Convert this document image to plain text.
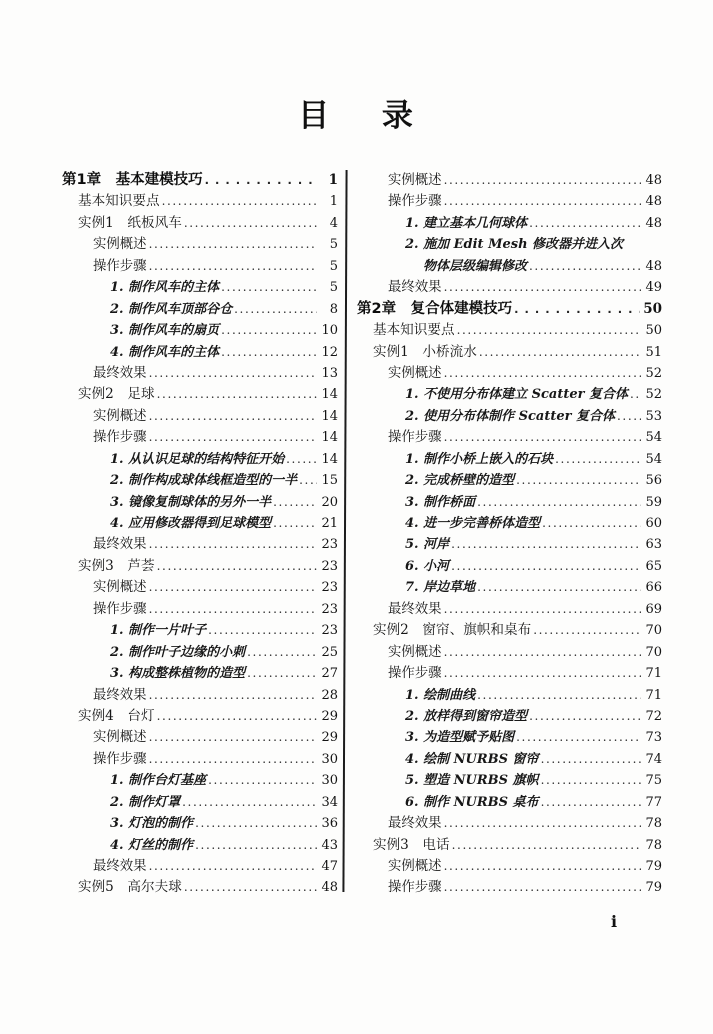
目 录
第1章　基本建模技巧 .....	1
基本知识要点 .....	1
实例1　纸板风车 .....	4
实例概述 .....	5
操作步骤 .....	5
1. 制作风车的主体 .....	5
2. 制作风车顶部谷仓 .....	8
3. 制作风车的扇页 .....	10
4. 制作风车的主体 .....	12
最终效果 .....	13
实例2　足球 .....	14
实例概述 .....	14
操作步骤 .....	14
1. 从认识足球的结构特征开始 .....	14
2. 制作构成球体线框造型的一半 ..... 15
3. 镜像复制球体的另外一半 .....	20
4. 应用修改器得到足球模型 .....	21
最终效果 .....	23
实例3　芦荟 .....	23
实例概述 .....	23
操作步骤 .....	23
1. 制作一片叶子 .....	23
2. 制作叶子边缘的小刺 .....	25
3. 构成整株植物的造型 .....	27
最终效果 .....	28
实例4　台灯 .....	29
实例概述 .....	29
操作步骤 .....	30
1. 制作台灯基座 .....	30
2. 制作灯罩 .....	34
3. 灯泡的制作 .....	36
4. 灯丝的制作 .....	43
最终效果 .....	47
实例5　高尔夫球 .....	48
实例概述 .....	48
操作步骤 .....	48
1. 建立基本几何球体 .....	48
2. 施加 Edit Mesh 修改器并进入次
物体层级编辑修改 .....	48
最终效果 .....	49
第2章　复合体建模技巧 .....	50
基本知识要点 .....	50
实例1　小桥流水 .....	51
实例概述 .....	52
1. 不使用分布体建立 Scatter 复合体 ..... 52
2. 使用分布体制作 Scatter 复合体 ..... 53
操作步骤 .....	54
1. 制作小桥上嵌入的石块 .....	54
2. 完成桥壁的造型 .....	56
3. 制作桥面 .....	59
4. 进一步完善桥体造型 .....	60
5. 河岸 .....	63
6. 小河 .....	65
7. 岸边草地 .....	66
最终效果 .....	69
实例2　窗帘、旗帜和桌布 .....	70
实例概述 .....	70
操作步骤 .....	71
1. 绘制曲线 .....	71
2. 放样得到窗帘造型 .....	72
3. 为造型赋予贴图 .....	73
4. 绘制 NURBS 窗帘 .....	74
5. 塑造 NURBS 旗帜 .....	75
6. 制作 NURBS 桌布 .....	77
最终效果 .....	78
实例3　电话 .....	78
实例概述 .....	79
操作步骤 .....	79
i
